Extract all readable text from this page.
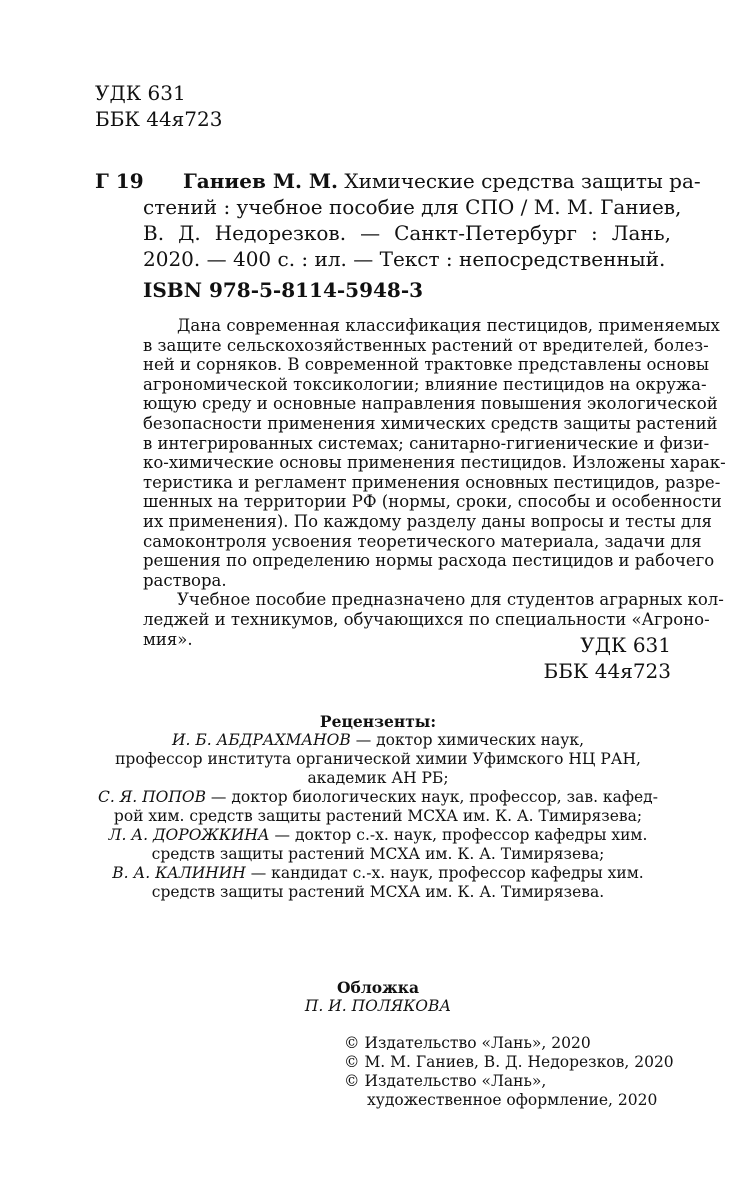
УДК 631
ББК 44я723
Г 19 Ганиев М. М. Химические средства защиты ра-
стений : учебное пособие для СПО / М. М. Ганиев,
В. Д. Недорезков. — Санкт-Петербург : Лань,
2020. — 400 с. : ил. — Текст : непосредственный.
ISBN 978-5-8114-5948-3
Дана современная классификация пестицидов, применяемых
в защите сельскохозяйственных растений от вредителей, болез-
ней и сорняков. В современной трактовке представлены основы
агрономической токсикологии; влияние пестицидов на окружа-
ющую среду и основные направления повышения экологической
безопасности применения химических средств защиты растений
в интегрированных системах; санитарно-гигиенические и физи-
ко-химические основы применения пестицидов. Изложены харак-
теристика и регламент применения основных пестицидов, разре-
шенных на территории РФ (нормы, сроки, способы и особенности
их применения). По каждому разделу даны вопросы и тесты для
самоконтроля усвоения теоретического материала, задачи для
решения по определению нормы расхода пестицидов и рабочего
раствора.
Учебное пособие предназначено для студентов аграрных кол-
леджей и техникумов, обучающихся по специальности «Агроно-
мия».	УДК 631
ББК 44я723
Рецензенты:
И. Б. АБДРАХМАНОВ — доктор химических наук,
профессор института органической химии Уфимского НЦ РАН,
академик АН РБ;
С. Я. ПОПОВ — доктор биологических наук, профессор, зав. кафед-
рой хим. средств защиты растений МСХА им. К. А. Тимирязева;
Л. А. ДОРОЖКИНА — доктор с.-х. наук, профессор кафедры хим.
средств защиты растений МСХА им. К. А. Тимирязева;
В. А. КАЛИНИН — кандидат с.-х. наук, профессор кафедры хим.
средств защиты растений МСХА им. К. А. Тимирязева.
Обложка
П. И. ПОЛЯКОВА
© Издательство «Лань», 2020
© М. М. Ганиев, В. Д. Недорезков, 2020
© Издательство «Лань»,
художественное оформление, 2020
